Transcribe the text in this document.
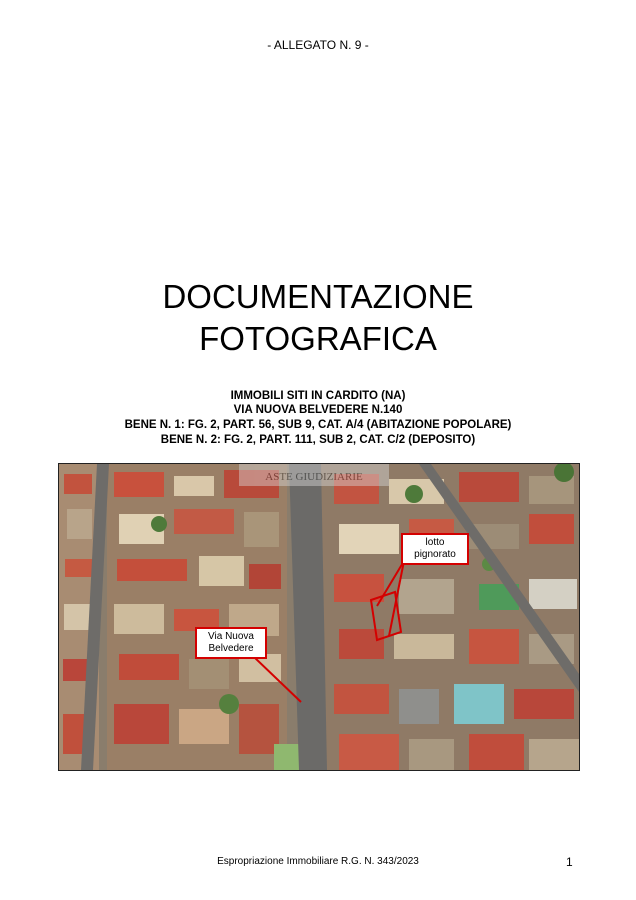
- ALLEGATO N. 9 -
DOCUMENTAZIONE
FOTOGRAFICA
IMMOBILI SITI IN CARDITO (NA)
VIA NUOVA BELVEDERE N.140
BENE N. 1: FG. 2, PART. 56, SUB 9, CAT. A/4 (ABITAZIONE POPOLARE)
BENE N. 2: FG. 2, PART. 111, SUB 2, CAT. C/2 (DEPOSITO)
ASTE GIUDIZIARIE
lotto
pignorato
Via Nuova
Belvedere
Espropriazione Immobiliare R.G. N. 343/2023	1
